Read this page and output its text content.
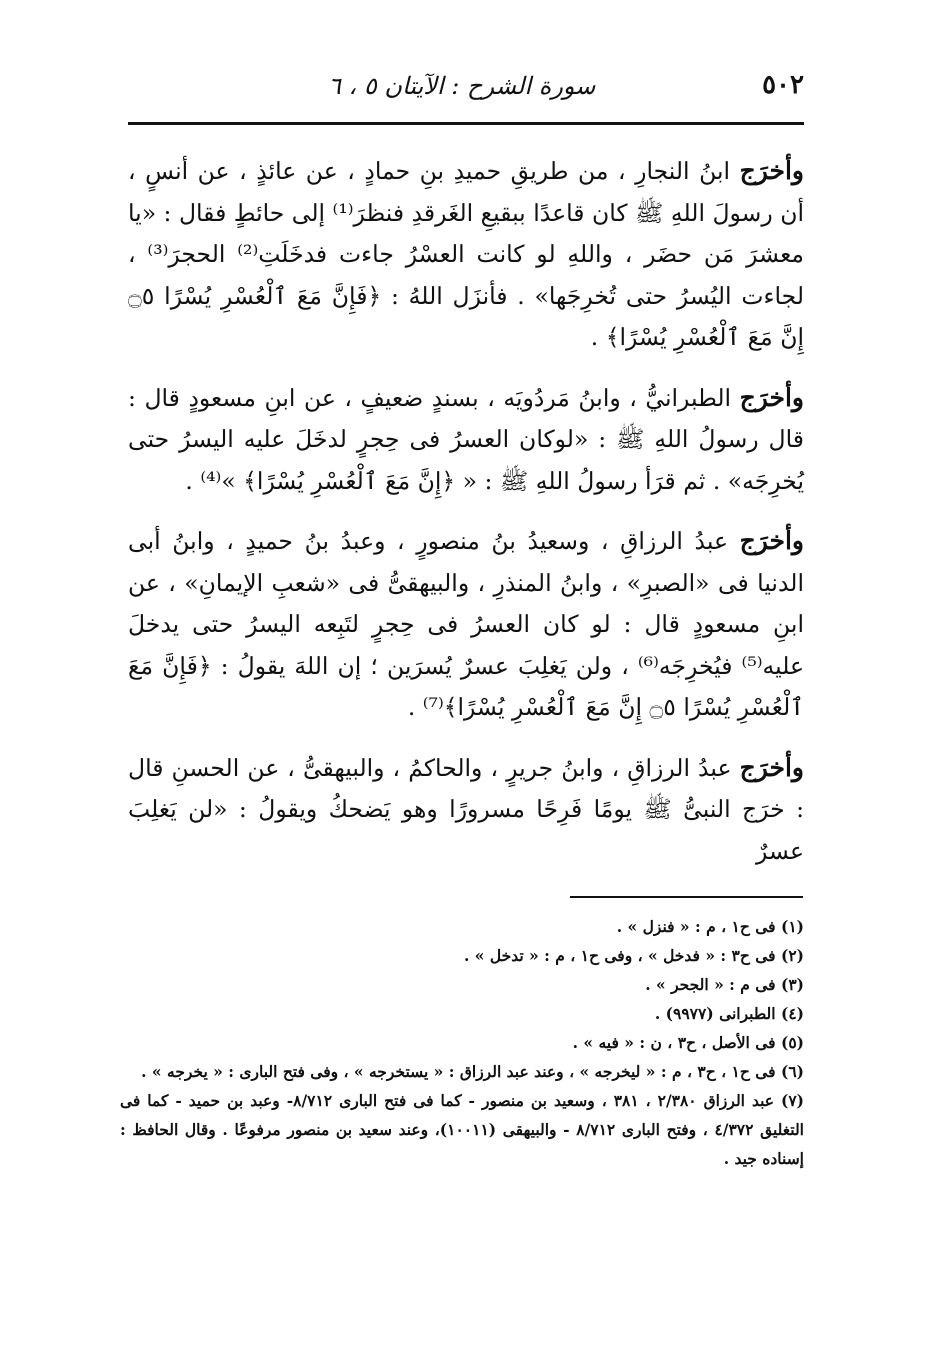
٥٠٢
سورة الشرح : الآيتان ٥ ، ٦

وأخرَج ابنُ النجارِ ، من طريقِ حميدِ بنِ حمادٍ ، عن عائذٍ ، عن أنسٍ ، أن رسولَ اللهِ ﷺ كان قاعدًا ببقيعِ الغَرقدِ فنظرَ⁽¹⁾ إلى حائطٍ فقال : «يا معشرَ مَن حضَر ، واللهِ لو كانت العسْرُ جاءت فدخَلَتِ⁽²⁾ الحجرَ⁽³⁾ ، لجاءت اليُسرُ حتى تُخرِجَها» . فأنزَل اللهُ : ﴿فَإِنَّ مَعَ ٱلْعُسْرِ يُسْرًا ۝٥ إِنَّ مَعَ ٱلْعُسْرِ يُسْرًا﴾ .

وأخرَج الطبرانيُّ ، وابنُ مَردُويَه ، بسندٍ ضعيفٍ ، عن ابنِ مسعودٍ قال : قال رسولُ اللهِ ﷺ : «لوكان العسرُ فى حِجرٍ لدخَلَ عليه اليسرُ حتى يُخرِجَه» . ثم قرَأ رسولُ اللهِ ﷺ : « ﴿إِنَّ مَعَ ٱلْعُسْرِ يُسْرًا﴾ »⁽⁴⁾ .

وأخرَج عبدُ الرزاقِ ، وسعيدُ بنُ منصورٍ ، وعبدُ بنُ حميدٍ ، وابنُ أبى الدنيا فى «الصبرِ» ، وابنُ المنذرِ ، والبيهقىُّ فى «شعبِ الإيمانِ» ، عن ابنِ مسعودٍ قال : لو كان العسرُ فى حِجرٍ لتَبِعه اليسرُ حتى يدخلَ عليه⁽⁵⁾ فيُخرِجَه⁽⁶⁾ ، ولن يَغلِبَ عسرٌ يُسرَين ؛ إن اللهَ يقولُ : ﴿فَإِنَّ مَعَ ٱلْعُسْرِ يُسْرًا ۝٥ إِنَّ مَعَ ٱلْعُسْرِ يُسْرًا﴾⁽⁷⁾ .

وأخرَج عبدُ الرزاقِ ، وابنُ جريرٍ ، والحاكمُ ، والبيهقىُّ ، عن الحسنِ قال : خرَج النبىُّ ﷺ يومًا فَرِحًا مسرورًا وهو يَضحكُ ويقولُ : «لن يَغلِبَ عسرٌ

(١) فى ح١ ، م : « فنزل » .

(٢) فى ح٣ : « فدخل » ، وفى ح١ ، م : « تدخل » .

(٣) فى م : « الجحر » .

(٤) الطبرانى (٩٩٧٧) .

(٥) فى الأصل ، ح٣ ، ن : « فيه » .

(٦) فى ح١ ، ح٣ ، م : « ليخرجه » ، وعند عبد الرزاق : « يستخرجه » ، وفى فتح البارى : « يخرجه » .

(٧) عبد الرزاق ٢/٣٨٠ ، ٣٨١ ، وسعيد بن منصور - كما فى فتح البارى ٨/٧١٢- وعبد بن حميد - كما فى التغليق ٤/٣٧٢ ، وفتح البارى ٨/٧١٢ - والبيهقى (١٠٠١١)، وعند سعيد بن منصور مرفوعًا . وقال الحافظ : إسناده جيد .
